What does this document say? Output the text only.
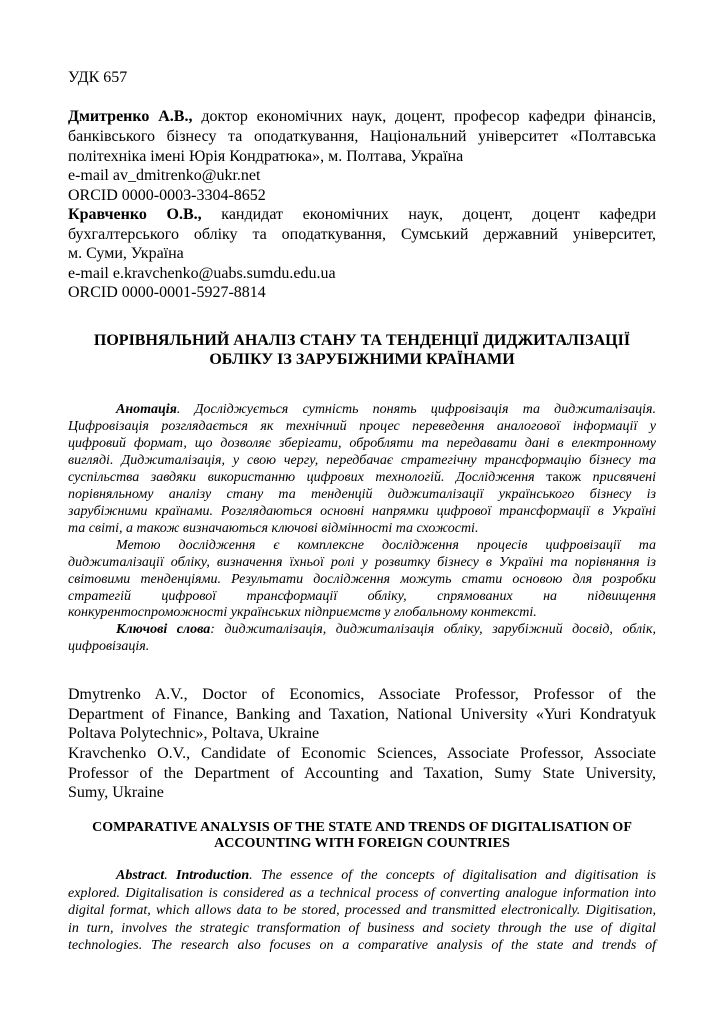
УДК 657
Дмитренко А.В., доктор економічних наук, доцент, професор кафедри фінансів,
банківського бізнесу та оподаткування, Національний університет «Полтавська
політехніка імені Юрія Кондратюка», м. Полтава, Україна
e-mail av_dmitrenko@ukr.net
ORCID 0000-0003-3304-8652
Кравченко О.В., кандидат економічних наук, доцент, доцент кафедри
бухгалтерського обліку та оподаткування, Сумський державний університет,
м. Суми, Україна
e-mail e.kravchenko@uabs.sumdu.edu.ua
ORCID 0000-0001-5927-8814
ПОРІВНЯЛЬНИЙ АНАЛІЗ СТАНУ ТА ТЕНДЕНЦІЇ ДИДЖИТАЛІЗАЦІЇ
ОБЛІКУ ІЗ ЗАРУБІЖНИМИ КРАЇНАМИ
Анотація. Досліджується сутність понять цифровізація та диджиталізація.
Цифровізація розглядається як технічний процес переведення аналогової інформації у
цифровий формат, що дозволяє зберігати, обробляти та передавати дані в електронному
вигляді. Диджиталізація, у свою чергу, передбачає стратегічну трансформацію бізнесу та
суспільства завдяки використанню цифрових технологій. Дослідження також присвячені
порівняльному аналізу стану та тенденцій диджиталізації українського бізнесу із
зарубіжними країнами. Розглядаються основні напрямки цифрової трансформації в Україні
та світі, а також визначаються ключові відмінності та схожості.
Метою дослідження є комплексне дослідження процесів цифровізації та
диджиталізації обліку, визначення їхньої ролі у розвитку бізнесу в Україні та порівняння із
світовими тенденціями. Результати дослідження можуть стати основою для розробки
стратегій цифрової трансформації обліку, спрямованих на підвищення
конкурентоспроможності українських підприємств у глобальному контексті.
Ключові слова: диджиталізація, диджиталізація обліку, зарубіжний досвід, облік,
цифровізація.
Dmytrenko A.V., Doctor of Economics, Associate Professor, Professor of the
Department of Finance, Banking and Taxation, National University «Yuri Kondratyuk
Poltava Polytechnic», Poltava, Ukraine
Kravchenko O.V., Candidate of Economic Sciences, Associate Professor, Associate
Professor of the Department of Accounting and Taxation, Sumy State University,
Sumy, Ukraine
COMPARATIVE ANALYSIS OF THE STATE AND TRENDS OF DIGITALISATION OF
ACCOUNTING WITH FOREIGN COUNTRIES
Abstract. Introduction. The essence of the concepts of digitalisation and digitisation is
explored. Digitalisation is considered as a technical process of converting analogue information into
digital format, which allows data to be stored, processed and transmitted electronically. Digitisation,
in turn, involves the strategic transformation of business and society through the use of digital
technologies. The research also focuses on a comparative analysis of the state and trends of
